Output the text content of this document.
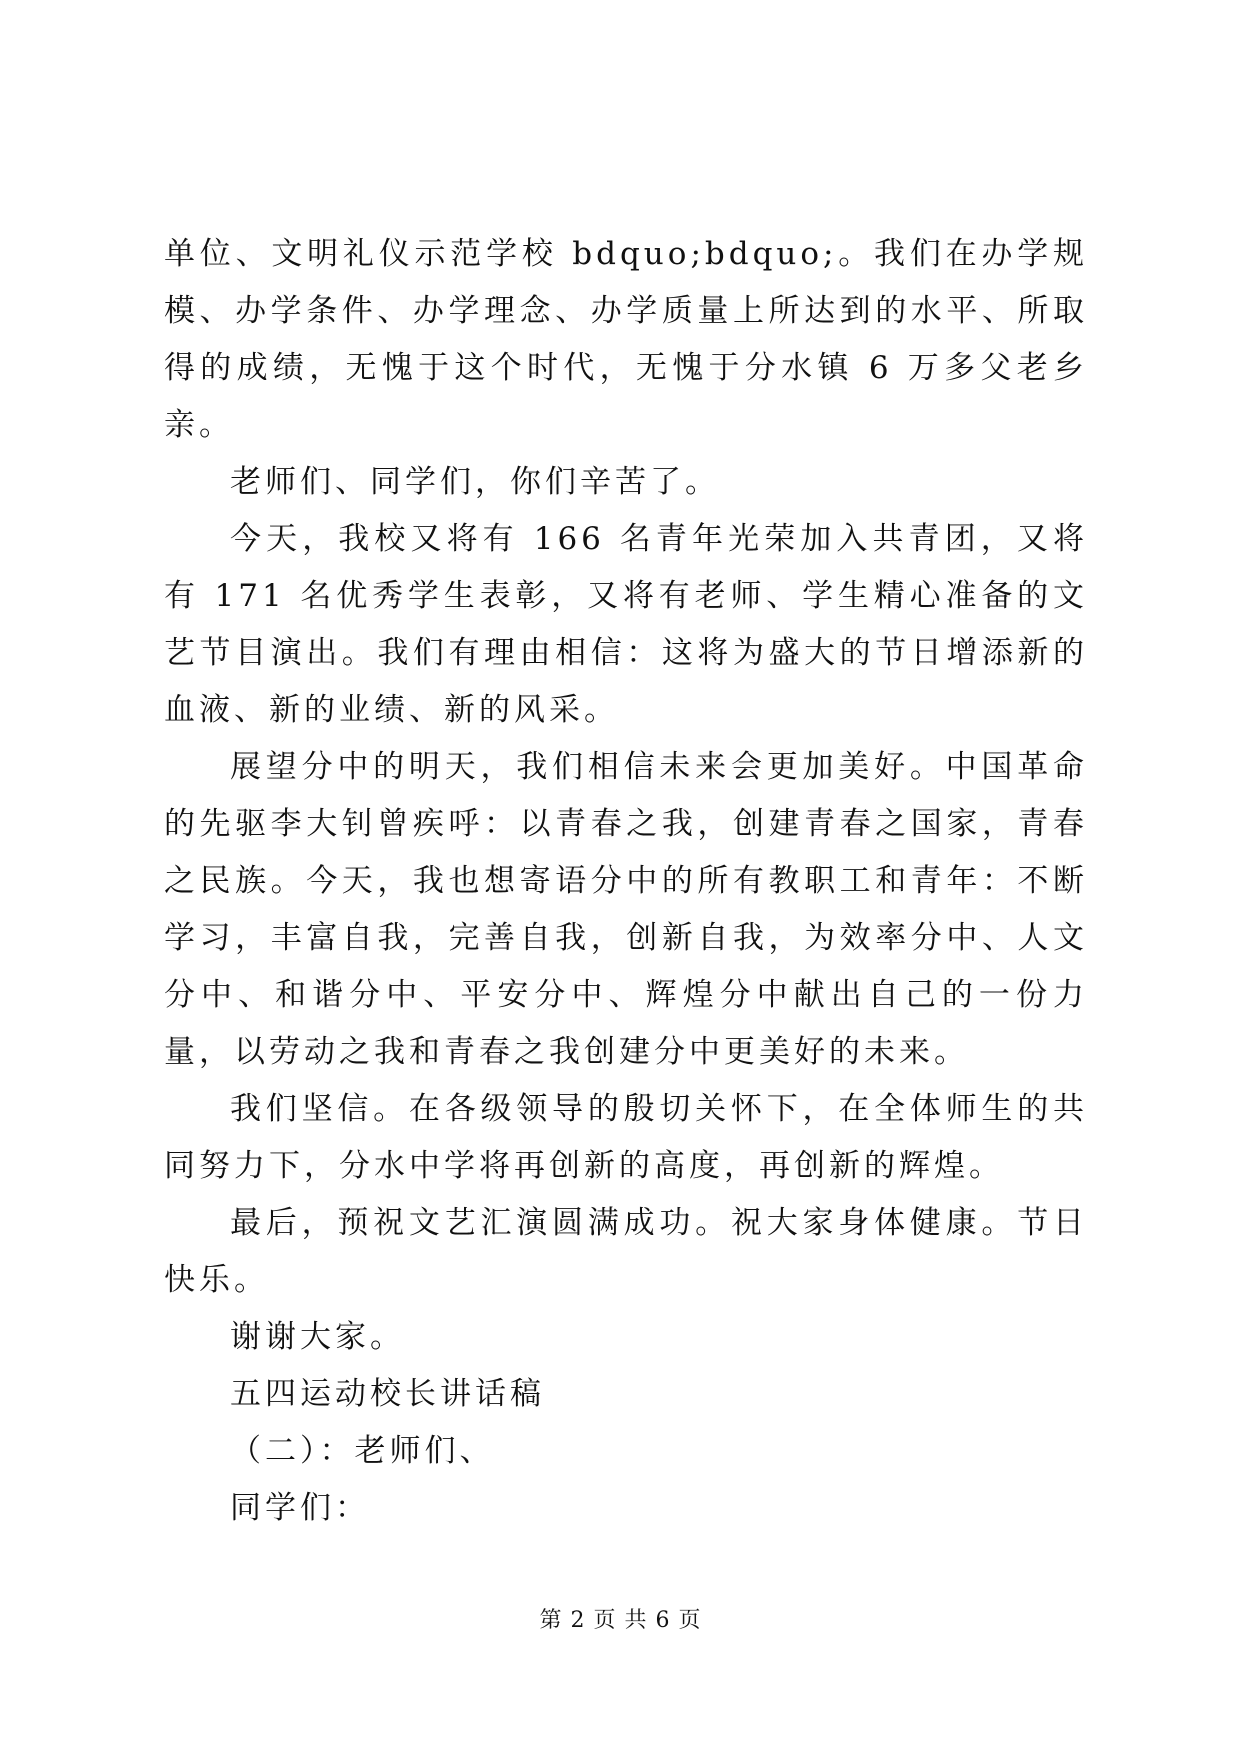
单位、文明礼仪示范学校 bdquo;bdquo;。我们在办学规模、办学条件、办学理念、办学质量上所达到的水平、所取得的成绩，无愧于这个时代，无愧于分水镇 6 万多父老乡亲。

老师们、同学们，你们辛苦了。

今天，我校又将有 166 名青年光荣加入共青团，又将有 171 名优秀学生表彰，又将有老师、学生精心准备的文艺节目演出。我们有理由相信：这将为盛大的节日增添新的血液、新的业绩、新的风采。

展望分中的明天，我们相信未来会更加美好。中国革命的先驱李大钊曾疾呼：以青春之我，创建青春之国家，青春之民族。今天，我也想寄语分中的所有教职工和青年：不断学习，丰富自我，完善自我，创新自我，为效率分中、人文分中、和谐分中、平安分中、辉煌分中献出自己的一份力量，以劳动之我和青春之我创建分中更美好的未来。

我们坚信。在各级领导的殷切关怀下，在全体师生的共同努力下，分水中学将再创新的高度，再创新的辉煌。

最后，预祝文艺汇演圆满成功。祝大家身体健康。节日快乐。

谢谢大家。

五四运动校长讲话稿

（二）：老师们、

同学们：

第 2 页 共 6 页
